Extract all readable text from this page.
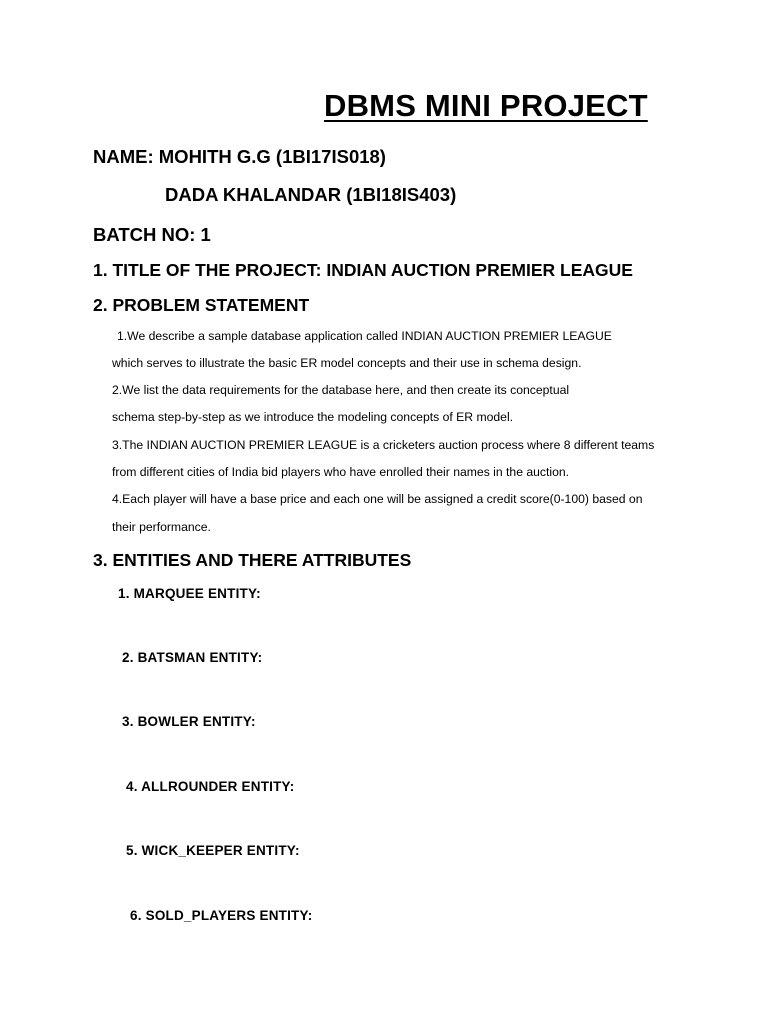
DBMS MINI PROJECT
NAME: MOHITH G.G (1BI17IS018)
DADA KHALANDAR (1BI18IS403)
BATCH NO: 1
1. TITLE OF THE PROJECT: INDIAN AUCTION PREMIER LEAGUE
2. PROBLEM STATEMENT
1.We describe a sample database application called INDIAN AUCTION PREMIER LEAGUE
which serves to illustrate the basic ER model concepts and their use in schema design.
2.We list the data requirements for the database here, and then create its conceptual
schema step-by-step as we introduce the modeling concepts of ER model.
3.The INDIAN AUCTION PREMIER LEAGUE is a cricketers auction process where 8 different teams
from different cities of India bid players who have enrolled their names in the auction.
4.Each player will have a base price and each one will be assigned a credit score(0-100) based on
their performance.
3. ENTITIES AND THERE ATTRIBUTES
1. MARQUEE ENTITY:
2. BATSMAN ENTITY:
3. BOWLER ENTITY:
4. ALLROUNDER ENTITY:
5. WICK_KEEPER ENTITY:
6. SOLD_PLAYERS ENTITY:
